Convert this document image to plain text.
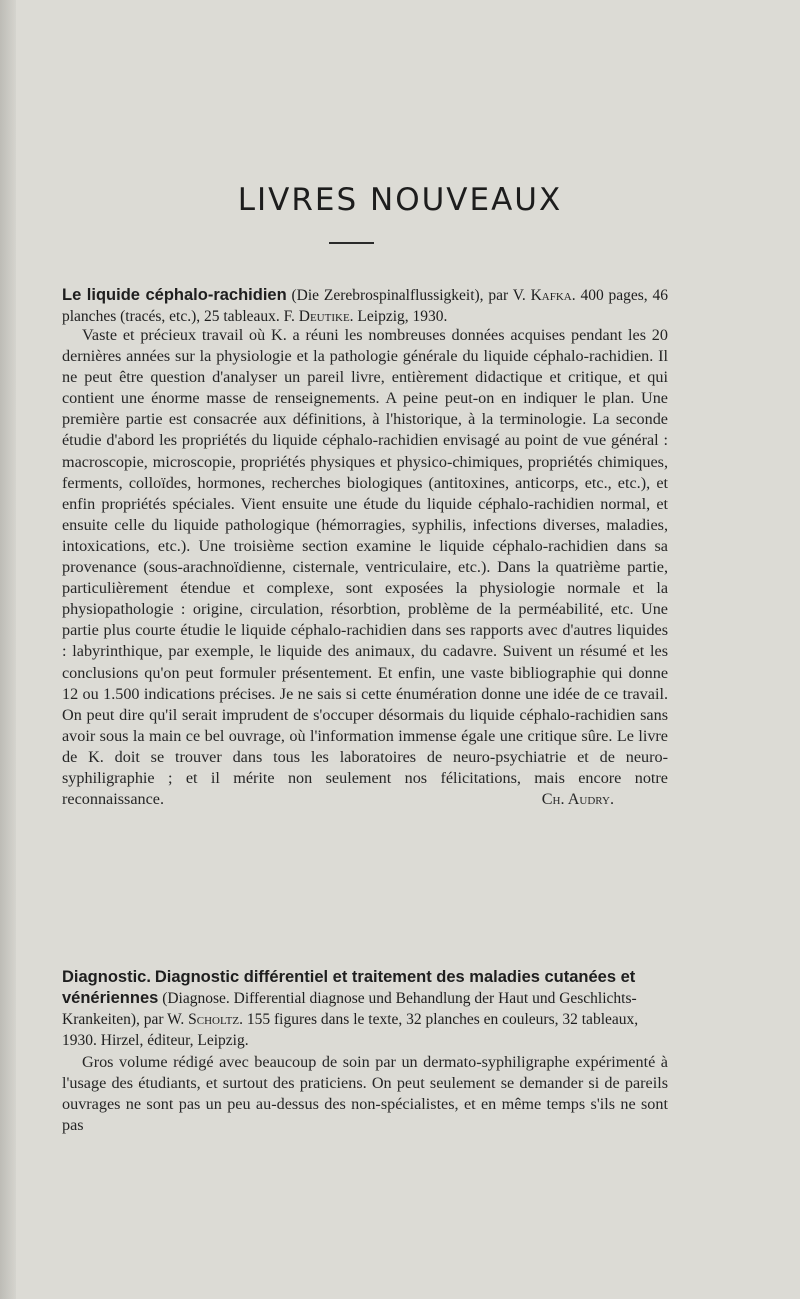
LIVRES NOUVEAUX
Le liquide céphalo-rachidien (Die Zerebrospinalflussigkeit), par V. Kafka. 400 pages, 46 planches (tracés, etc.), 25 tableaux. F. Deutike. Leipzig, 1930.

Vaste et précieux travail où K. a réuni les nombreuses données acquises pendant les 20 dernières années sur la physiologie et la pathologie générale du liquide céphalo-rachidien. Il ne peut être question d'analyser un pareil livre, entièrement didactique et critique, et qui contient une énorme masse de renseignements. A peine peut-on en indiquer le plan. Une première partie est consacrée aux définitions, à l'historique, à la terminologie. La seconde étudie d'abord les propriétés du liquide céphalo-rachidien envisagé au point de vue général : macroscopie, microscopie, propriétés physiques et physico-chimiques, propriétés chimiques, ferments, colloïdes, hormones, recherches biologiques (antitoxines, anticorps, etc., etc.), et enfin propriétés spéciales. Vient ensuite une étude du liquide céphalo-rachidien normal, et ensuite celle du liquide pathologique (hémorragies, syphilis, infections diverses, maladies, intoxications, etc.). Une troisième section examine le liquide céphalo-rachidien dans sa provenance (sous-arachnoïdienne, cisternale, ventriculaire, etc.). Dans la quatrième partie, particulièrement étendue et complexe, sont exposées la physiologie normale et la physiopathologie : origine, circulation, résorbtion, problème de la perméabilité, etc. Une partie plus courte étudie le liquide céphalo-rachidien dans ses rapports avec d'autres liquides : labyrinthique, par exemple, le liquide des animaux, du cadavre. Suivent un résumé et les conclusions qu'on peut formuler présentement. Et enfin, une vaste bibliographie qui donne 12 ou 1.500 indications précises. Je ne sais si cette énumération donne une idée de ce travail. On peut dire qu'il serait imprudent de s'occuper désormais du liquide céphalo-rachidien sans avoir sous la main ce bel ouvrage, où l'information immense égale une critique sûre. Le livre de K. doit se trouver dans tous les laboratoires de neuro-psychiatrie et de neuro-syphiligraphie ; et il mérite non seulement nos félicitations, mais encore notre reconnaissance.	Ch. Audry.

Diagnostic. Diagnostic différentiel et traitement des maladies cutanées et vénériennes (Diagnose. Differential diagnose und Behandlung der Haut und Geschlichts-Krankeiten), par W. Scholtz. 155 figures dans le texte, 32 planches en couleurs, 32 tableaux, 1930. Hirzel, éditeur, Leipzig.

Gros volume rédigé avec beaucoup de soin par un dermato-syphiligraphe expérimenté à l'usage des étudiants, et surtout des praticiens. On peut seulement se demander si de pareils ouvrages ne sont pas un peu au-dessus des non-spécialistes, et en même temps s'ils ne sont pas
